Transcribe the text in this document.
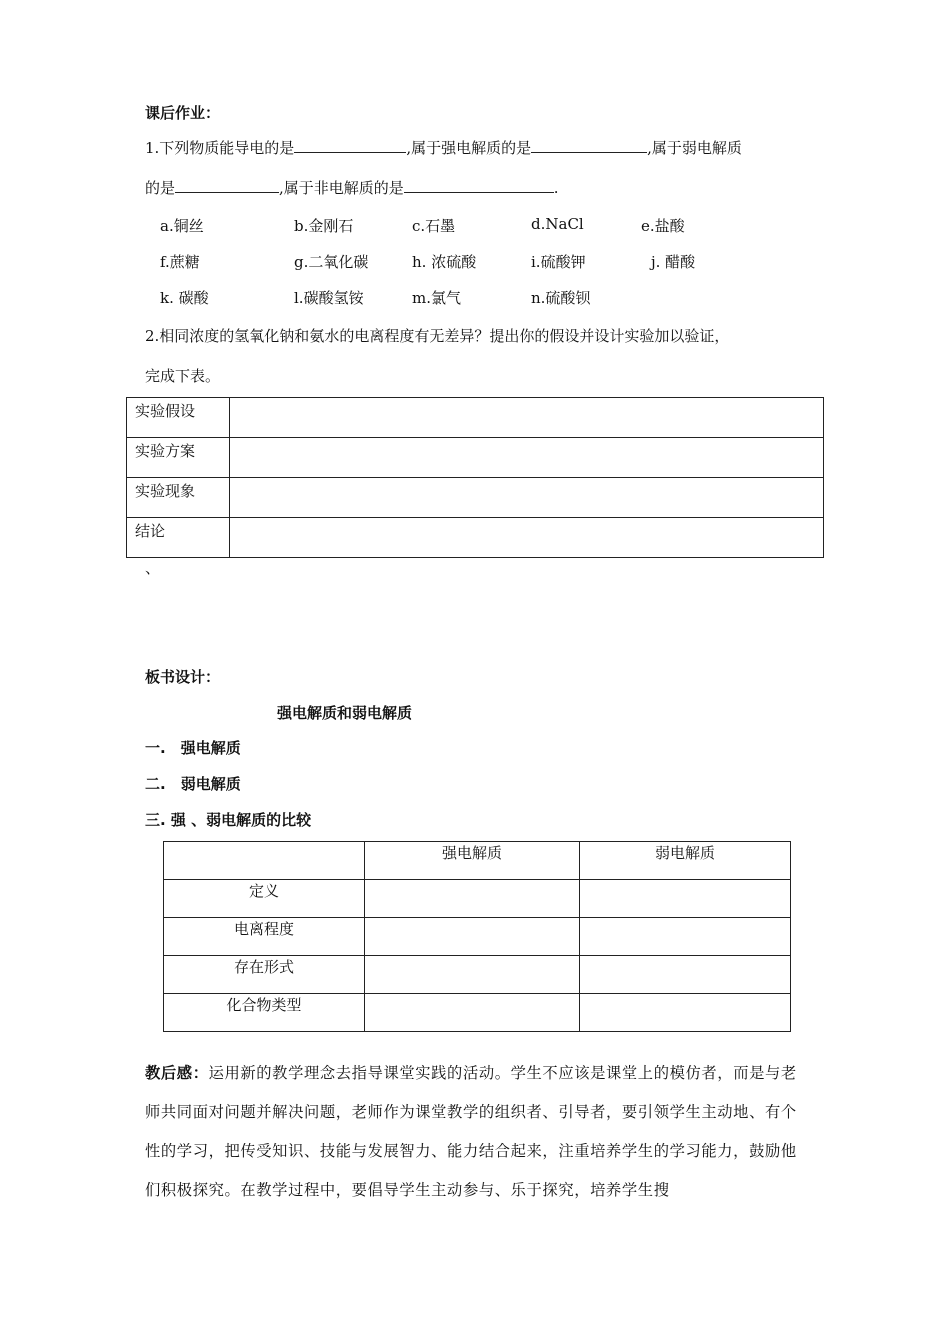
课后作业：
1.下列物质能导电的是	,属于强电解质的是	,属于弱电解质
的是	,属于非电解质的是	.
a.铜丝	b.金刚石	c.石墨	d.NaCl	e.盐酸
f.蔗糖	g.二氧化碳	h. 浓硫酸	i.硫酸钾	j. 醋酸
k. 碳酸	l.碳酸氢铵	m.氯气	n.硫酸钡
2.相同浓度的氢氧化钠和氨水的电离程度有无差异？提出你的假设并设计实验加以验证，
完成下表。
实验假设	
实验方案	
实验现象	
结论	
、
板书设计：
强电解质和弱电解质
一.　强电解质
二.　弱电解质
三. 强 、弱电解质的比较
	强电解质	弱电解质
定义		
电离程度		
存在形式		
化合物类型		
教后感：运用新的教学理念去指导课堂实践的活动。学生不应该是课堂上的模仿者，而是与老师共同面对问题并解决问题，老师作为课堂教学的组织者、引导者，要引领学生主动地、有个性的学习，把传受知识、技能与发展智力、能力结合起来，注重培养学生的学习能力，鼓励他们积极探究。在教学过程中，要倡导学生主动参与、乐于探究，培养学生搜
